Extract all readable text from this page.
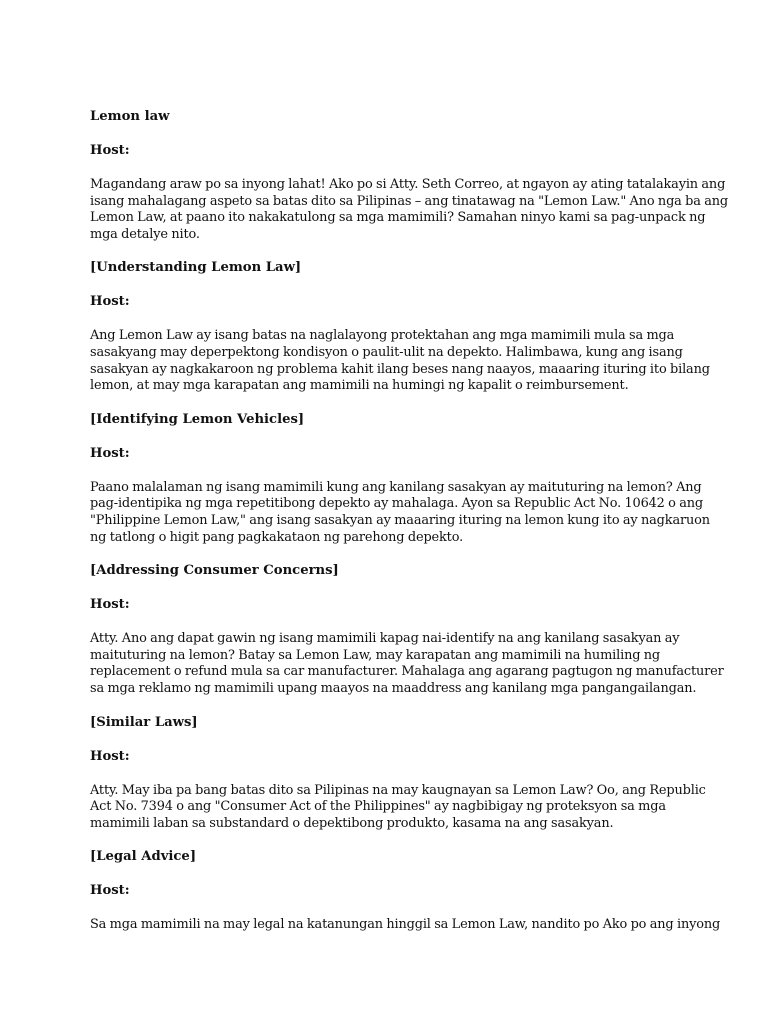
Lemon law

Host:

Magandang araw po sa inyong lahat! Ako po si Atty. Seth Correo, at ngayon ay ating tatalakayin ang
isang mahalagang aspeto sa batas dito sa Pilipinas – ang tinatawag na "Lemon Law." Ano nga ba ang
Lemon Law, at paano ito nakakatulong sa mga mamimili? Samahan ninyo kami sa pag-unpack ng
mga detalye nito.

[Understanding Lemon Law]

Host:

Ang Lemon Law ay isang batas na naglalayong protektahan ang mga mamimili mula sa mga
sasakyang may deperpektong kondisyon o paulit-ulit na depekto. Halimbawa, kung ang isang
sasakyan ay nagkakaroon ng problema kahit ilang beses nang naayos, maaaring ituring ito bilang
lemon, at may mga karapatan ang mamimili na humingi ng kapalit o reimbursement.

[Identifying Lemon Vehicles]

Host:

Paano malalaman ng isang mamimili kung ang kanilang sasakyan ay maituturing na lemon? Ang
pag-identipika ng mga repetitibong depekto ay mahalaga. Ayon sa Republic Act No. 10642 o ang
"Philippine Lemon Law," ang isang sasakyan ay maaaring ituring na lemon kung ito ay nagkaruon
ng tatlong o higit pang pagkakataon ng parehong depekto.

[Addressing Consumer Concerns]

Host:

Atty. Ano ang dapat gawin ng isang mamimili kapag nai-identify na ang kanilang sasakyan ay
maituturing na lemon? Batay sa Lemon Law, may karapatan ang mamimili na humiling ng
replacement o refund mula sa car manufacturer. Mahalaga ang agarang pagtugon ng manufacturer
sa mga reklamo ng mamimili upang maayos na maaddress ang kanilang mga pangangailangan.

[Similar Laws]

Host:

Atty. May iba pa bang batas dito sa Pilipinas na may kaugnayan sa Lemon Law? Oo, ang Republic
Act No. 7394 o ang "Consumer Act of the Philippines" ay nagbibigay ng proteksyon sa mga
mamimili laban sa substandard o depektibong produkto, kasama na ang sasakyan.

[Legal Advice]

Host:

Sa mga mamimili na may legal na katanungan hinggil sa Lemon Law, nandito po Ako po ang inyong
